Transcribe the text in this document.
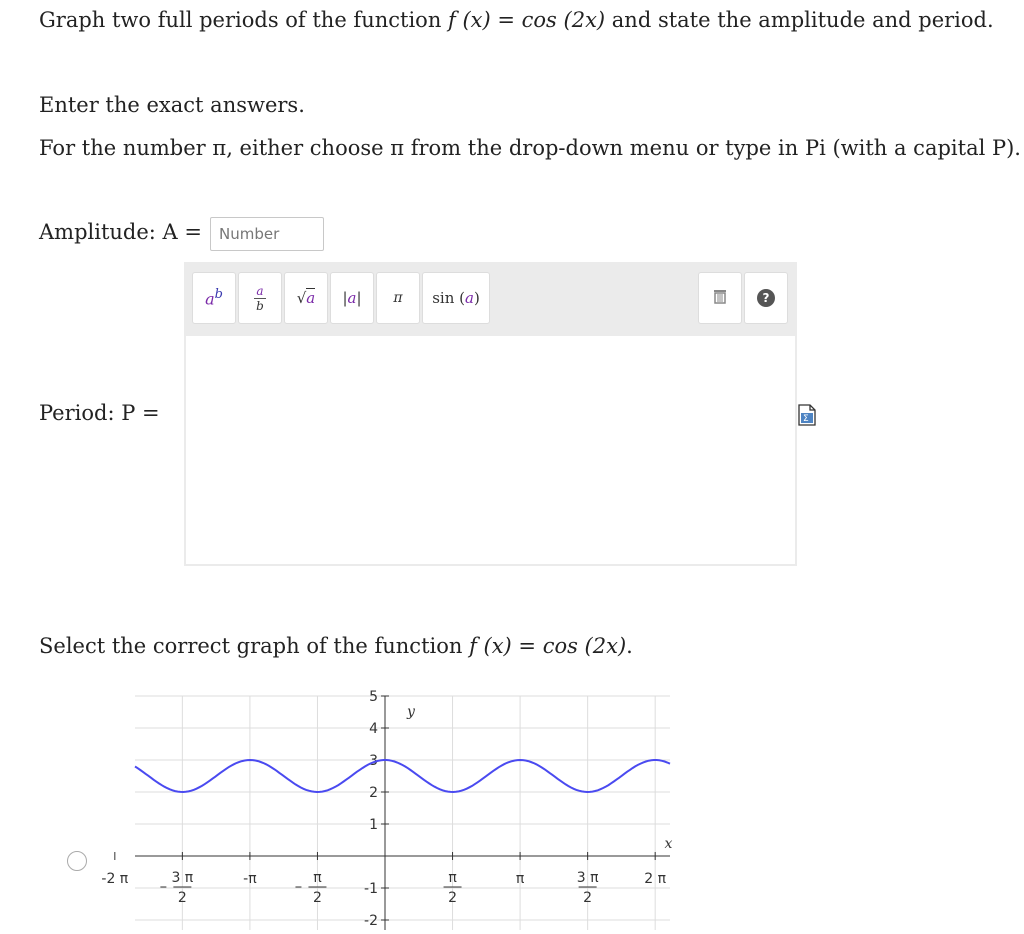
Graph two full periods of the function f (x) = cos (2x) and state the amplitude and period.
Enter the exact answers.
For the number π, either choose π from the drop-down menu or type in Pi (with a capital P).
Amplitude: A =
Number
$a^b$	a
b √a |a| π sin (a)	?
Period: P =	Σ
Select the correct graph of the function f (x) = cos (2x).
5
4
3
2
1
-1
-2
-2 π	3 π
2
-π	π
2
π
2
π	3 π
2
2 π
x
y
